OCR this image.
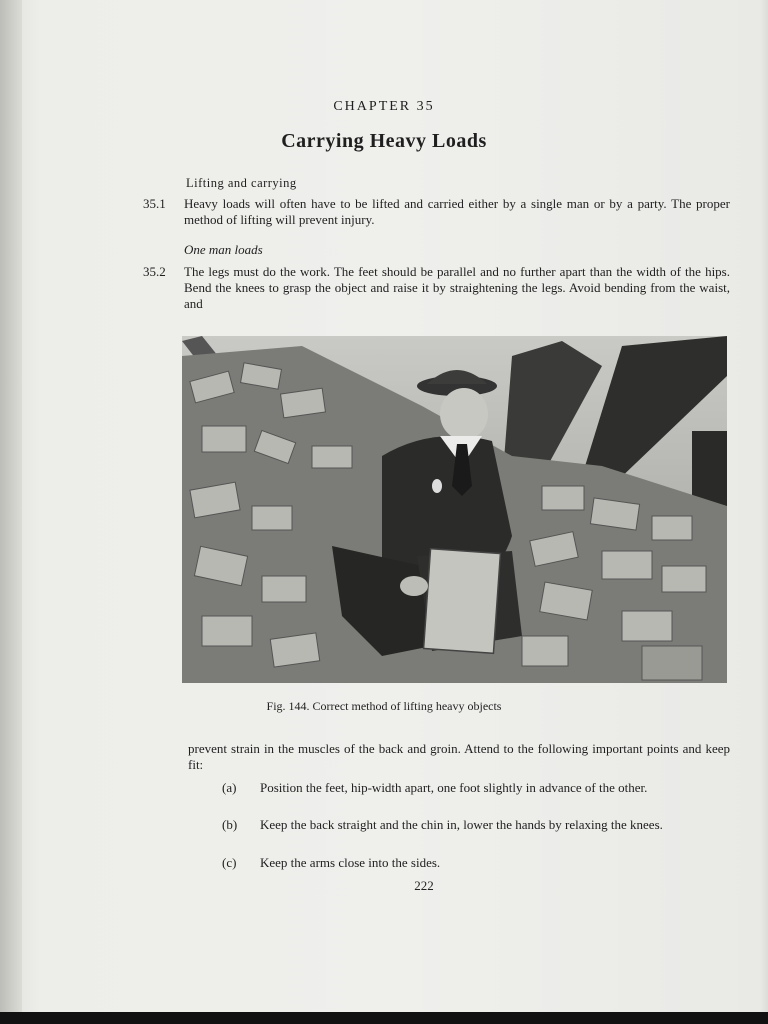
CHAPTER 35
Carrying Heavy Loads
Lifting and carrying
35.1 Heavy loads will often have to be lifted and carried either by a single man or by a party. The proper method of lifting will prevent injury.
One man loads
35.2 The legs must do the work. The feet should be parallel and no further apart than the width of the hips. Bend the knees to grasp the object and raise it by straightening the legs. Avoid bending from the waist, and
Fig. 144. Correct method of lifting heavy objects
prevent strain in the muscles of the back and groin. Attend to the following important points and keep fit:
(a) Position the feet, hip-width apart, one foot slightly in advance of the other.
(b) Keep the back straight and the chin in, lower the hands by relaxing the knees.
(c) Keep the arms close into the sides.
222
